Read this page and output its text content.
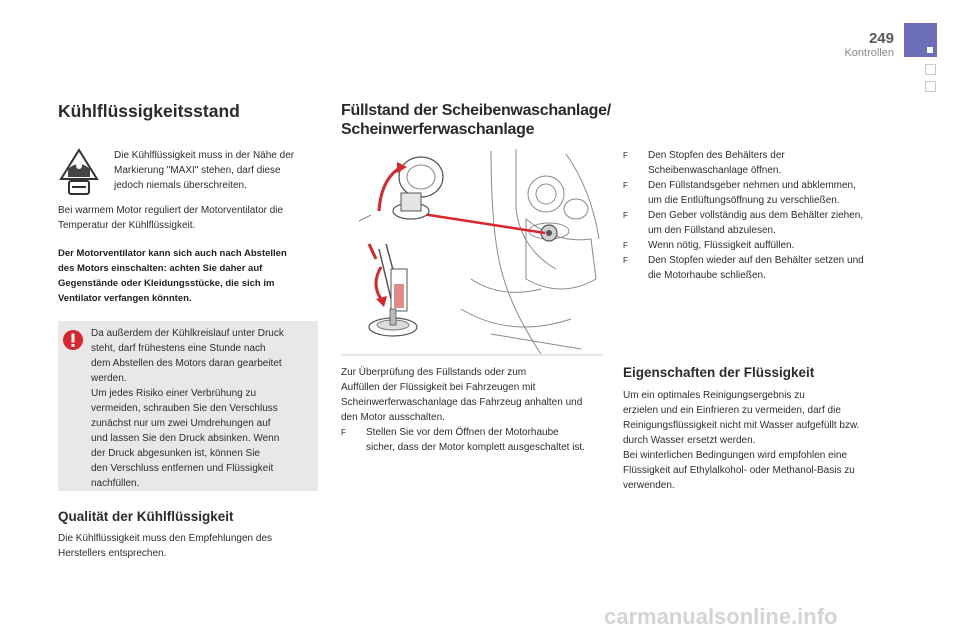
249
Kontrollen
Kühlflüssigkeitsstand

Die Kühlflüssigkeit muss in der Nähe der

Markierung "MAXI" stehen, darf diese

jedoch niemals überschreiten.

Bei warmem Motor reguliert der Motorventilator die

Temperatur der Kühlflüssigkeit.

Der Motorventilator kann sich auch nach Abstellen

des Motors einschalten: achten Sie daher auf

Gegenstände oder Kleidungsstücke, die sich im

Ventilator verfangen könnten.

Da außerdem der Kühlkreislauf unter Druck

steht, darf frühestens eine Stunde nach

dem Abstellen des Motors daran gearbeitet

werden.

Um jedes Risiko einer Verbrühung zu

vermeiden, schrauben Sie den Verschluss

zunächst nur um zwei Umdrehungen auf

und lassen Sie den Druck absinken. Wenn

der Druck abgesunken ist, können Sie

den Verschluss entfernen und Flüssigkeit

nachfüllen.

Qualität der Kühlflüssigkeit

Die Kühlflüssigkeit muss den Empfehlungen des

Herstellers entsprechen.

Füllstand der Scheibenwaschanlage/
Scheinwerferwaschanlage

Zur Überprüfung des Füllstands oder zum

Auffüllen der Flüssigkeit bei Fahrzeugen mit

Scheinwerferwaschanlage das Fahrzeug anhalten und

den Motor ausschalten.

F Stellen Sie vor dem Öffnen der Motorhaube

sicher, dass der Motor komplett ausgeschaltet ist.

F Den Stopfen des Behälters der

Scheibenwaschanlage öffnen.

F Den Füllstandsgeber nehmen und abklemmen,

um die Entlüftungsöffnung zu verschließen.

F Den Geber vollständig aus dem Behälter ziehen,

um den Füllstand abzulesen.

F Wenn nötig, Flüssigkeit auffüllen.

F Den Stopfen wieder auf den Behälter setzen und

die Motorhaube schließen.

Eigenschaften der Flüssigkeit

Um ein optimales Reinigungsergebnis zu

erzielen und ein Einfrieren zu vermeiden, darf die

Reinigungsflüssigkeit nicht mit Wasser aufgefüllt bzw.

durch Wasser ersetzt werden.

Bei winterlichen Bedingungen wird empfohlen eine

Flüssigkeit auf Ethylalkohol- oder Methanol-Basis zu

verwenden.

carmanualsonline.info
